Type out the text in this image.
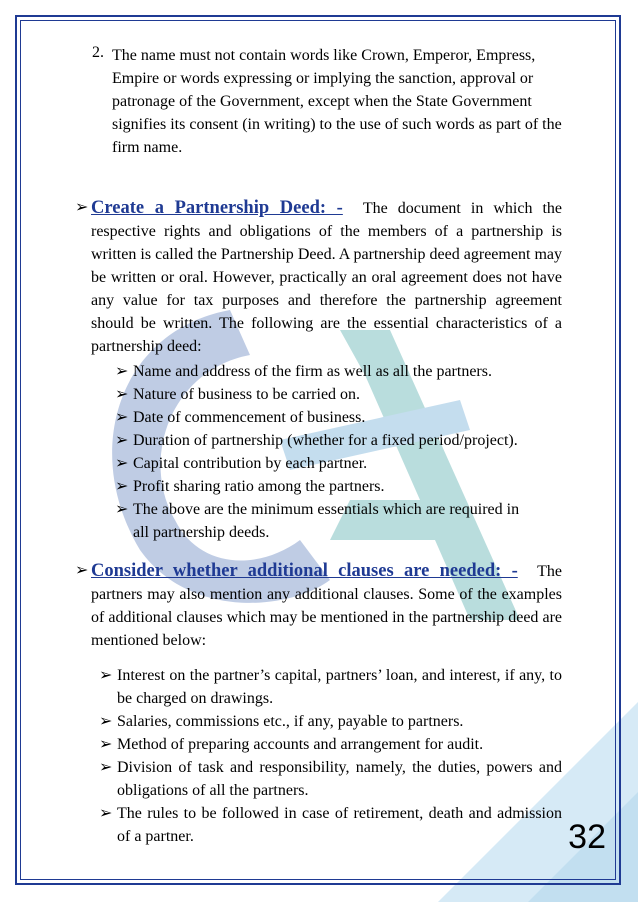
2. The name must not contain words like Crown, Emperor, Empress, Empire or words expressing or implying the sanction, approval or patronage of the Government, except when the State Government signifies its consent (in writing) to the use of such words as part of the firm name.

➢ Create a Partnership Deed: - The document in which the respective rights and obligations of the members of a partnership is written is called the Partnership Deed. A partnership deed agreement may be written or oral. However, practically an oral agreement does not have any value for tax purposes and therefore the partnership agreement should be written. The following are the essential characteristics of a partnership deed:

➢ Name and address of the firm as well as all the partners.
➢ Nature of business to be carried on.
➢ Date of commencement of business.
➢ Duration of partnership (whether for a fixed period/project).
➢ Capital contribution by each partner.
➢ Profit sharing ratio among the partners.
➢ The above are the minimum essentials which are required in all partnership deeds.
➢ Consider whether additional clauses are needed: - The partners may also mention any additional clauses. Some of the examples of additional clauses which may be mentioned in the partnership deed are mentioned below:

➢ Interest on the partner’s capital, partners’ loan, and interest, if any, to be charged on drawings.
➢ Salaries, commissions etc., if any, payable to partners.
➢ Method of preparing accounts and arrangement for audit.
➢ Division of task and responsibility, namely, the duties, powers and obligations of all the partners.
➢ The rules to be followed in case of retirement, death and admission of a partner.	32
